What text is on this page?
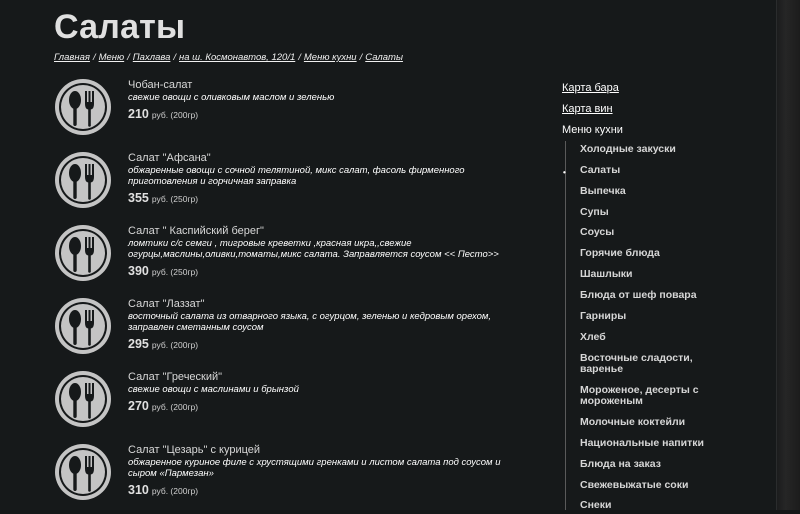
Салаты
Главная / Меню / Пахлава / на ш. Космонавтов, 120/1 / Меню кухни / Салаты
Чобан-салат
свежие овощи с оливковым маслом и зеленью
210 руб. (200гр)
Салат "Афсана"
обжаренные овощи с сочной телятиной, микс салат, фасоль фирменного приготовления и горчичная заправка
355 руб. (250гр)
Салат " Каспийский берег"
ломтики с/с семги , тигровые креветки ,красная икра,,свежие огурцы,маслины,оливки,томаты,микс салата. Заправляется соусом << Песто>>
390 руб. (250гр)
Салат "Лаззат"
восточный салата из отварного языка, с огурцом, зеленью и кедровым орехом, заправлен сметанным соусом
295 руб. (200гр)
Салат "Греческий"
свежие овощи с маслинами и брынзой
270 руб. (200гр)
Салат "Цезарь" с курицей
обжаренное куриное филе с хрустящими гренками и листом салата под соусом и сыром «Пармезан»
310 руб. (200гр)
Карта бара
Карта вин
Меню кухни
Холодные закуски
• Салаты
Выпечка
Супы
Соусы
Горячие блюда
Шашлыки
Блюда от шеф повара
Гарниры
Хлеб
Восточные сладости, варенье
Мороженое, десерты с мороженым
Молочные коктейли
Национальные напитки
Блюда на заказ
Свежевыжатые соки
Снеки
